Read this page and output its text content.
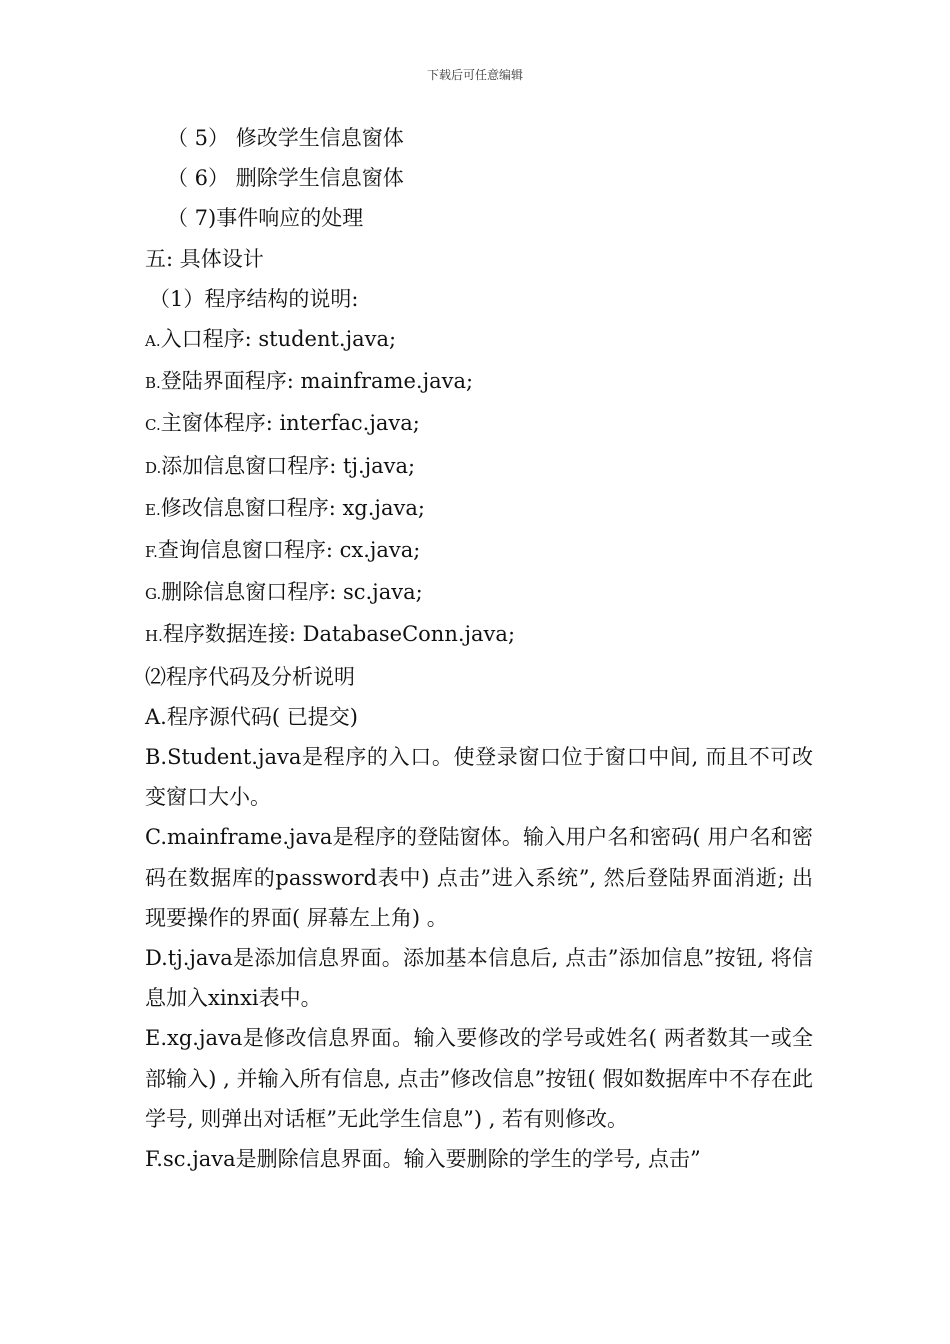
下载后可任意编辑
（ 5） 修改学生信息窗体
（ 6） 删除学生信息窗体
（ 7)事件响应的处理
五: 具体设计
（1）程序结构的说明:
A.入口程序: student.java;
B.登陆界面程序: mainframe.java;
C.主窗体程序: interfac.java;
D.添加信息窗口程序: tj.java;
E.修改信息窗口程序: xg.java;
F.查询信息窗口程序: cx.java;
G.删除信息窗口程序: sc.java;
H.程序数据连接: DatabaseConn.java;
⑵程序代码及分析说明
A.程序源代码( 已提交)
B.Student.java是程序的入口。使登录窗口位于窗口中间, 而且不可改变窗口大小。
C.mainframe.java是程序的登陆窗体。输入用户名和密码( 用户名和密码在数据库的password表中) 点击”进入系统”, 然后登陆界面消逝; 出现要操作的界面( 屏幕左上角) 。
D.tj.java是添加信息界面。添加基本信息后, 点击”添加信息”按钮, 将信息加入xinxi表中。
E.xg.java是修改信息界面。输入要修改的学号或姓名( 两者数其一或全部输入) , 并输入所有信息, 点击”修改信息”按钮( 假如数据库中不存在此学号, 则弹出对话框”无此学生信息”) , 若有则修改。
F.sc.java是删除信息界面。输入要删除的学生的学号, 点击”
